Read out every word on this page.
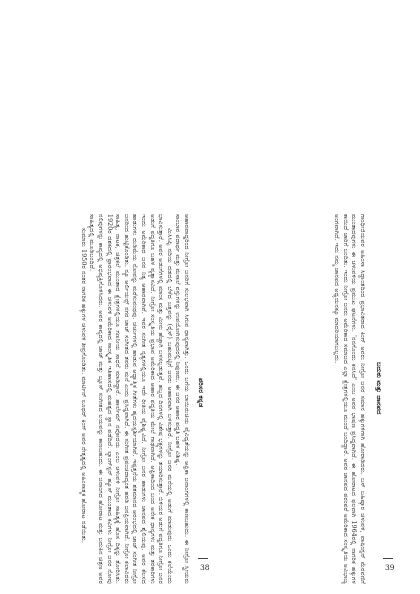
ಪರಿಸರ ಕನ್ನಡ

ಆಹಾರವಾದ್ದರಿಂದ ನೀಗ್ರೋ ಜನರಿಗೆ ಸುಲಭವಾಗಿ ಸಿಗುವ ಧಾನ್ಯವಾಗಿತ್ತು. ಒಂದು ಬಗೆಯ ಬಾಯಿರುಚಿಯ ವೈವಿಧ್ಯತೆಯನ್ನು ಆಫ್ರಿಕಾ ಜನಾಂಗಗಳಲ್ಲಿ ಕಾಣಬಹುದು. ಈ ನೀಗ್ರೋ ಸ್ತ್ರೀಯರು ಸಾಂಬಾರ ಪದಾರ್ಥ ಮತ್ತು ಮಸಾಲೆ ವಸ್ತುಗಳನ್ನು ಉಪಯೋಗಿಸುವುದರಲ್ಲಿ ನಿಪುಣರು. ಈ ಜನರ ಆಹಾರ ಪದ್ಧತಿ ಬಹಳ ವಿಶಿಷ್ಟ.

ಮಿಸಿಸಿಪ್ಪಿ ನದಿಯ ದಡದಲ್ಲಿ ಬೆಳೆದ ಬತ್ತವನ್ನು (ರೈಸ್) ಬಹುಮಟ್ಟಿಗೆ ಜನರು ಆಹಾರವಾಗಿ ಬಳಸುತ್ತಾರೆ. ನೀಗ್ರೋ ಜನರ ಮನೆಯಲ್ಲಿ ಅಡುಗೆ ಮಾಡುವುದು ಒಂದು ಕಲೆಯೆಂದು ಭಾವಿಸುತ್ತಾರೆ. ಅವರ ಅಡುಗೆಗಳಲ್ಲಿ ಮಾಂಸ ಮತ್ತು ಮೀನು ಹೆಚ್ಚಾಗಿ ಬಳಸಲ್ಪಡುತ್ತವೆ. ಹಬ್ಬದ ದಿನಗಳಲ್ಲಿ ವಿಶೇಷ ಭಕ್ಷ್ಯಗಳನ್ನು ತಯಾರಿಸುತ್ತಾರೆ. ಬಿಳಿಯರ ಅಡುಗೆ ಪದ್ಧತಿಗೂ ನೀಗ್ರೋ ಜನರ ಅಡುಗೆ ಪದ್ಧತಿಗೂ ಬಹಳ ವ್ಯತ್ಯಾಸವಿದೆ. ನೀಗ್ರೋ ಸಂಸ್ಕೃತಿಯ ಪ್ರಭಾವ ಅಮೆರಿಕಾದ ಆಹಾರ ಪದ್ಧತಿಯ ಮೇಲೆ ಗಾಢವಾಗಿದೆ. ಆಫ್ರಿಕಾದಿಂದ ಬಂದ ಅನೇಕ ಧಾನ್ಯಗಳು ಮತ್ತು ತರಕಾರಿಗಳು ಇಂದು ಅಮೆರಿಕಾದ ಜನರ ನಿತ್ಯ ಆಹಾರವಾಗಿವೆ. ಇವರ ಸಂಗೀತ ನೃತ್ಯಗಳಲ್ಲಿಯೂ ಇದೇ ರೀತಿಯ ವೈಶಿಷ್ಟ್ಯವಿದೆ. ನೀಗ್ರೋ ಜನರ ಹಾಡುಗಳು ಜಾನಪದ ಶೈಲಿಯವು. ಅವರ ಕೆಲಸದ ಹಾಡುಗಳು ದುಡಿಮೆಯ ನೋವನ್ನು ಮರೆಸುವಂಥವು. ಚರ್ಚುಗಳಲ್ಲಿ ಹಾಡುವ ಆಧ್ಯಾತ್ಮಿಕ ಗೀತೆಗಳು ಹೃದಯಸ್ಪರ್ಶಿಯಾಗಿವೆ. ಇಪ್ಪತ್ತನೆಯ ಶತಮಾನದ ಆರಂಭದಲ್ಲಿ ಜಾಜ್ ಸಂಗೀತ ನೀಗ್ರೋ ಜನರಿಂದ ಹುಟ್ಟಿಕೊಂಡಿತು. ನ್ಯೂ ಆರ್ಲಿಯನ್ಸ್ ನಗರ ಜಾಜ್ ಸಂಗೀತದ ತವರು ಮನೆ ಎಂದು ಪ್ರಸಿದ್ಧವಾಗಿದೆ. ಈ ಸಂಗೀತ ಪ್ರಪಂಚದಾದ್ಯಂತ ಹರಡಿ ಜನಪ್ರಿಯವಾಗಿದೆ. ನೀಗ್ರೋ ಕಲಾವಿದರು ಸಾಹಿತ್ಯ, ನಾಟಕ, ಚಿತ್ರಕಲೆ ಮುಂತಾದ ಕ್ಷೇತ್ರಗಳಲ್ಲಿಯೂ ಗಣನೀಯ ಸಾಧನೆ ಮಾಡಿದ್ದಾರೆ. ಹಾರ್ಲೆಮ್ ನವೋದಯ ಎಂಬ ಚಳುವಳಿ ನೀಗ್ರೋ ಸಾಹಿತ್ಯಕ್ಕೆ ಹೊಸ ದಿಕ್ಕನ್ನು ತೋರಿಸಿತು. 1920ರ ದಶಕದಲ್ಲಿ ಪ್ರಾರಂಭವಾದ ಈ ಚಳುವಳಿ ಅಮೆರಿಕಾದ ಸಾಂಸ್ಕೃತಿಕ ಇತಿಹಾಸದಲ್ಲಿ ಮಹತ್ವದ ಸ್ಥಾನ ಪಡೆದಿದೆ. ಲ್ಯಾಂಗ್‌ಸ್ಟನ್ ಹ್ಯೂಸ್ ಮುಂತಾದ ಕವಿಗಳು ನೀಗ್ರೋ ಜನರ ನೋವು ನಲಿವುಗಳನ್ನು ಕಾವ್ಯದಲ್ಲಿ ಅಭಿವ್ಯಕ್ತಿಗೊಳಿಸಿದರು. ಅವರ ಕಾವ್ಯದಲ್ಲಿ ಜಾಜ್ ಮತ್ತು ಬ್ಲೂಸ್ ಸಂಗೀತದ ಲಯವನ್ನು ಕಾಣಬಹುದು. ಈ ಜನಾಂಗದ ಹೋರಾಟ ಮತ್ತು ಬದುಕಿನ ಚಿತ್ರಣ ಅವರ ಸಾಹಿತ್ಯದಲ್ಲಿ ಮೂಡಿಬಂದಿದೆ.

ಸುಮಾರು 1950ರ ನಂತರ ನಾಗರಿಕ ಹಕ್ಕುಗಳ ಚಳುವಳಿ ತೀವ್ರಗೊಂಡಿತು. ಮಾರ್ಟಿನ್ ಲೂಥರ್ ಕಿಂಗ್ ಅವರ ನೇತೃತ್ವದಲ್ಲಿ ಅಹಿಂಸಾತ್ಮಕ ಹೋರಾಟ ನಡೆಯಿತು.

38
ಬದುಕು ಮತ್ತು ಜಾನಪದ

ಗಾಂಧೀಜಿಯವರ ಅಹಿಂಸಾ ಸಿದ್ಧಾಂತದಿಂದ ಪ್ರಭಾವಿತರಾದ ಕಿಂಗ್ ಅವರು ನೀಗ್ರೋ ಜನರ ಸಮಾನ ಹಕ್ಕುಗಳಿಗಾಗಿ ಹೋರಾಡಿದರು. ಬಸ್ ಬಹಿಷ್ಕಾರ ಚಳುವಳಿ, ವಾಷಿಂಗ್ಟನ್ ಮೆರವಣಿಗೆ ಮುಂತಾದವುಗಳು ಈ ಚಳುವಳಿಯ ಪ್ರಮುಖ ಘಟನೆಗಳು. 'ನನಗೊಂದು ಕನಸಿದೆ' ಎಂಬ ಅವರ ಭಾಷಣ ಪ್ರಸಿದ್ಧವಾಗಿದೆ. ಈ ಹೋರಾಟದ ಫಲವಾಗಿ 1964ರಲ್ಲಿ ನಾಗರಿಕ ಹಕ್ಕುಗಳ ಕಾಯಿದೆ ಜಾರಿಗೆ ಬಂದಿತು. ಇಂದು ನೀಗ್ರೋ ಜನರು ಅಮೆರಿಕಾದ ಸಮಾಜದ ಎಲ್ಲಾ ಕ್ಷೇತ್ರಗಳಲ್ಲಿಯೂ ಮುಂದೆ ಬಂದಿದ್ದಾರೆ. ಅವರ ಜಾನಪದ ಪರಂಪರೆ ಅಮೆರಿಕಾದ ಸಂಸ್ಕೃತಿಯ ಅವಿಭಾಜ್ಯ ಅಂಗವಾಗಿದೆ. ಇದು ನಮ್ಮ ಜಾನಪದ ಅಧ್ಯಯನಕ್ಕೂ ಮಾದರಿಯಾಗಬಲ್ಲದು.

39
